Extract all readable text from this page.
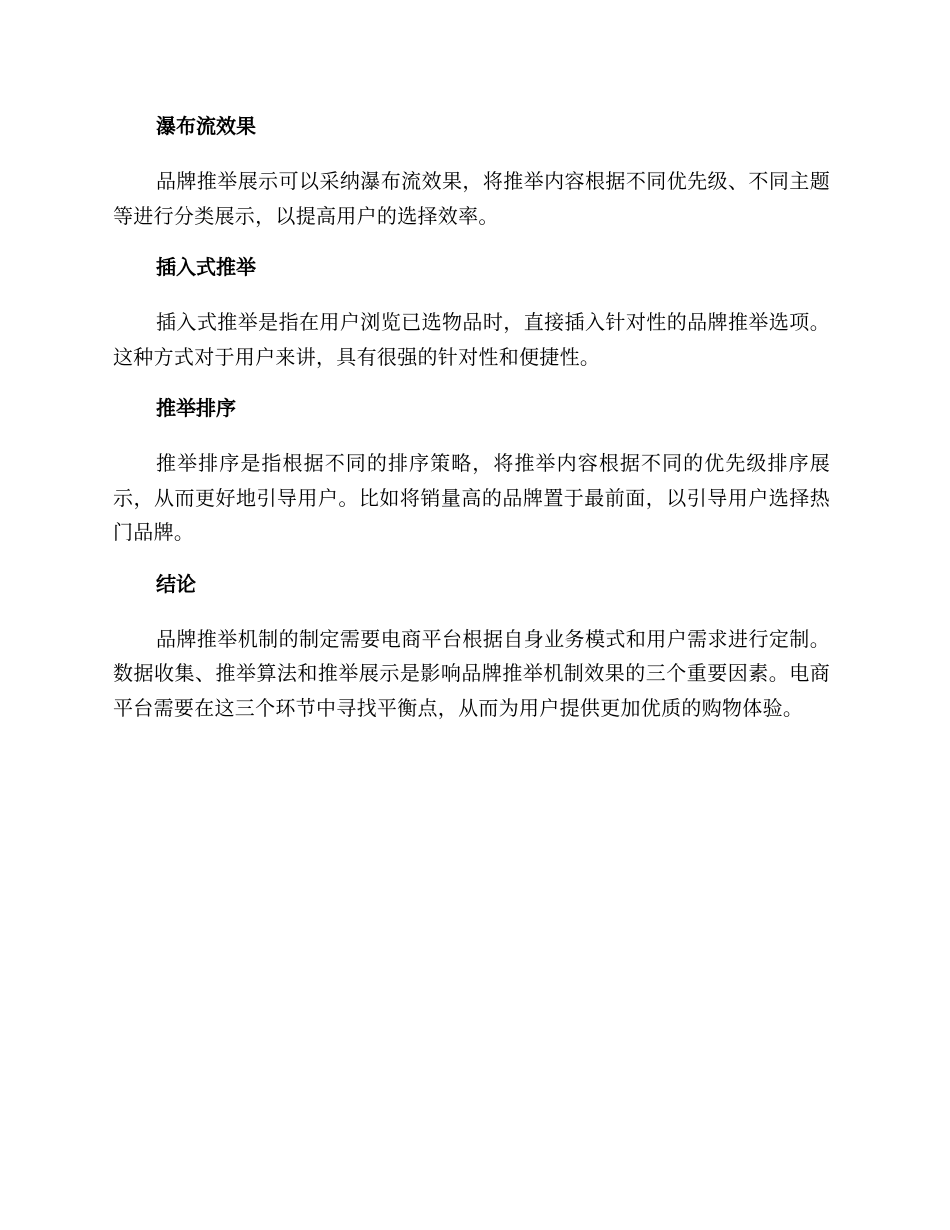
瀑布流效果

品牌推举展示可以采纳瀑布流效果，将推举内容根据不同优先级、不同主题等进行分类展示，以提高用户的选择效率。

插入式推举

插入式推举是指在用户浏览已选物品时，直接插入针对性的品牌推举选项。这种方式对于用户来讲，具有很强的针对性和便捷性。

推举排序

推举排序是指根据不同的排序策略，将推举内容根据不同的优先级排序展示，从而更好地引导用户。比如将销量高的品牌置于最前面，以引导用户选择热门品牌。

结论

品牌推举机制的制定需要电商平台根据自身业务模式和用户需求进行定制。数据收集、推举算法和推举展示是影响品牌推举机制效果的三个重要因素。电商平台需要在这三个环节中寻找平衡点，从而为用户提供更加优质的购物体验。
